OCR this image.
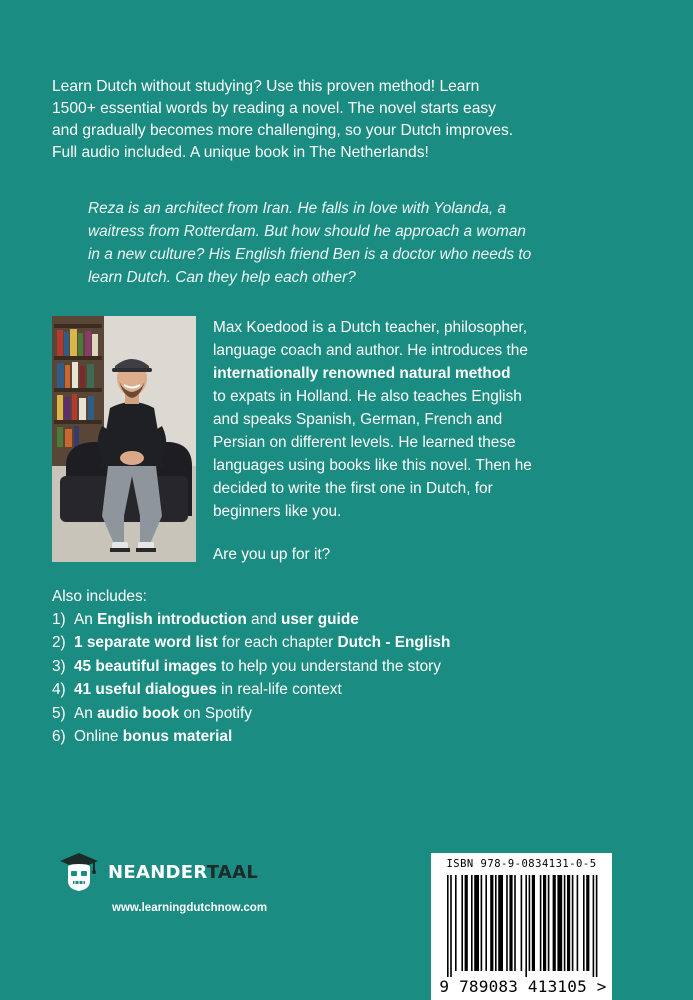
Learn Dutch without studying? Use this proven method! Learn
1500+ essential words by reading a novel. The novel starts easy
and gradually becomes more challenging, so your Dutch improves.
Full audio included. A unique book in The Netherlands!

Reza is an architect from Iran. He falls in love with Yolanda, a
waitress from Rotterdam. But how should he approach a woman
in a new culture? His English friend Ben is a doctor who needs to
learn Dutch. Can they help each other?

Max Koedood is a Dutch teacher, philosopher,
language coach and author. He introduces the
internationally renowned natural method
to expats in Holland. He also teaches English
and speaks Spanish, German, French and
Persian on different levels. He learned these
languages using books like this novel. Then he
decided to write the first one in Dutch, for
beginners like you.

Are you up for it?

Also includes:

1) An English introduction and user guide
2) 1 separate word list for each chapter Dutch - English
3) 45 beautiful images to help you understand the story
4) 41 useful dialogues in real-life context
5) An audio book on Spotify
6) Online bonus material
NEANDERTAAL
www.learningdutchnow.com
ISBN 978-9-0834131-0-5
9 789083 413105 >
